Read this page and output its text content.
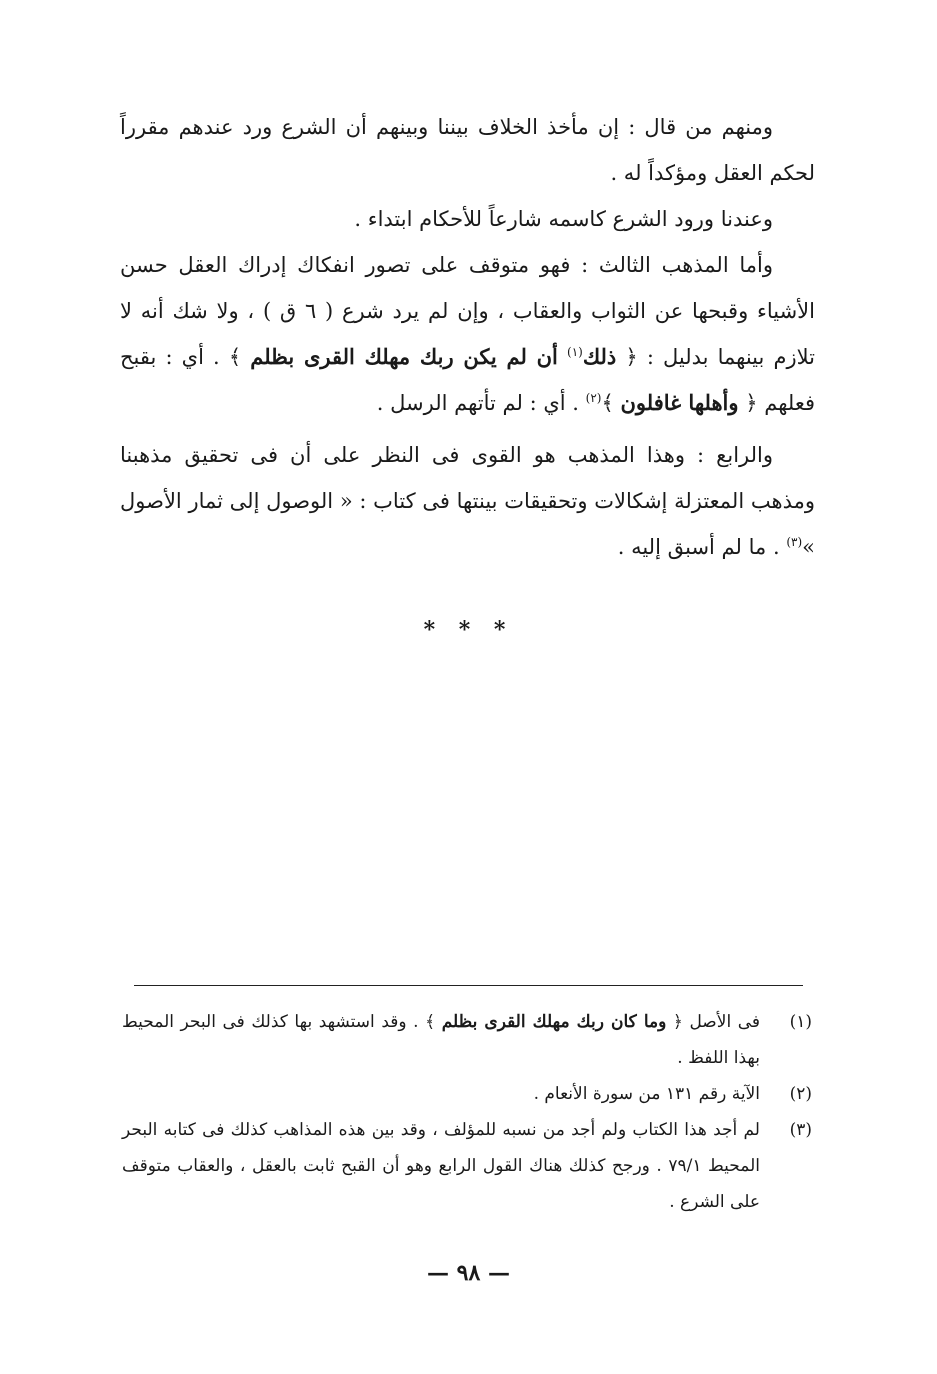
ومنهم من قال : إن مأخذ الخلاف بيننا وبينهم أن الشرع ورد عندهم مقرراً لحكم العقل ومؤكداً له .

وعندنا ورود الشرع كاسمه شارعاً للأحكام ابتداء .

وأما المذهب الثالث : فهو متوقف على تصور انفكاك إدراك العقل حسن الأشياء وقبحها عن الثواب والعقاب ، وإن لم يرد شرع ( ٦ ق ) ، ولا شك أنه لا تلازم بينهما بدليل : ﴿ ذلك$^{(١)}$ أن لم يكن ربك مهلك القرى بظلم ﴾ . أي : بقبح فعلهم ﴿ وأهلها غافلون ﴾$^{(٢)}$ . أي : لم تأتهم الرسل .

والرابع : وهذا المذهب هو القوى فى النظر على أن فى تحقيق مذهبنا ومذهب المعتزلة إشكالات وتحقيقات بينتها فى كتاب : « الوصول إلى ثمار الأصول »$^{(٣)}$ . ما لم أسبق إليه .

* * *
(١)
فى الأصل ﴿ وما كان ربك مهلك القرى بظلم ﴾ . وقد استشهد بها كذلك فى البحر المحيط بهذا اللفظ .
(٢)
الآية رقم ١٣١ من سورة الأنعام .
(٣)
لم أجد هذا الكتاب ولم أجد من نسبه للمؤلف ، وقد بين هذه المذاهب كذلك فى كتابه البحر المحيط ٧٩/١ . ورجح كذلك هناك القول الرابع وهو أن القبح ثابت بالعقل ، والعقاب متوقف على الشرع .
— ٩٨ —
